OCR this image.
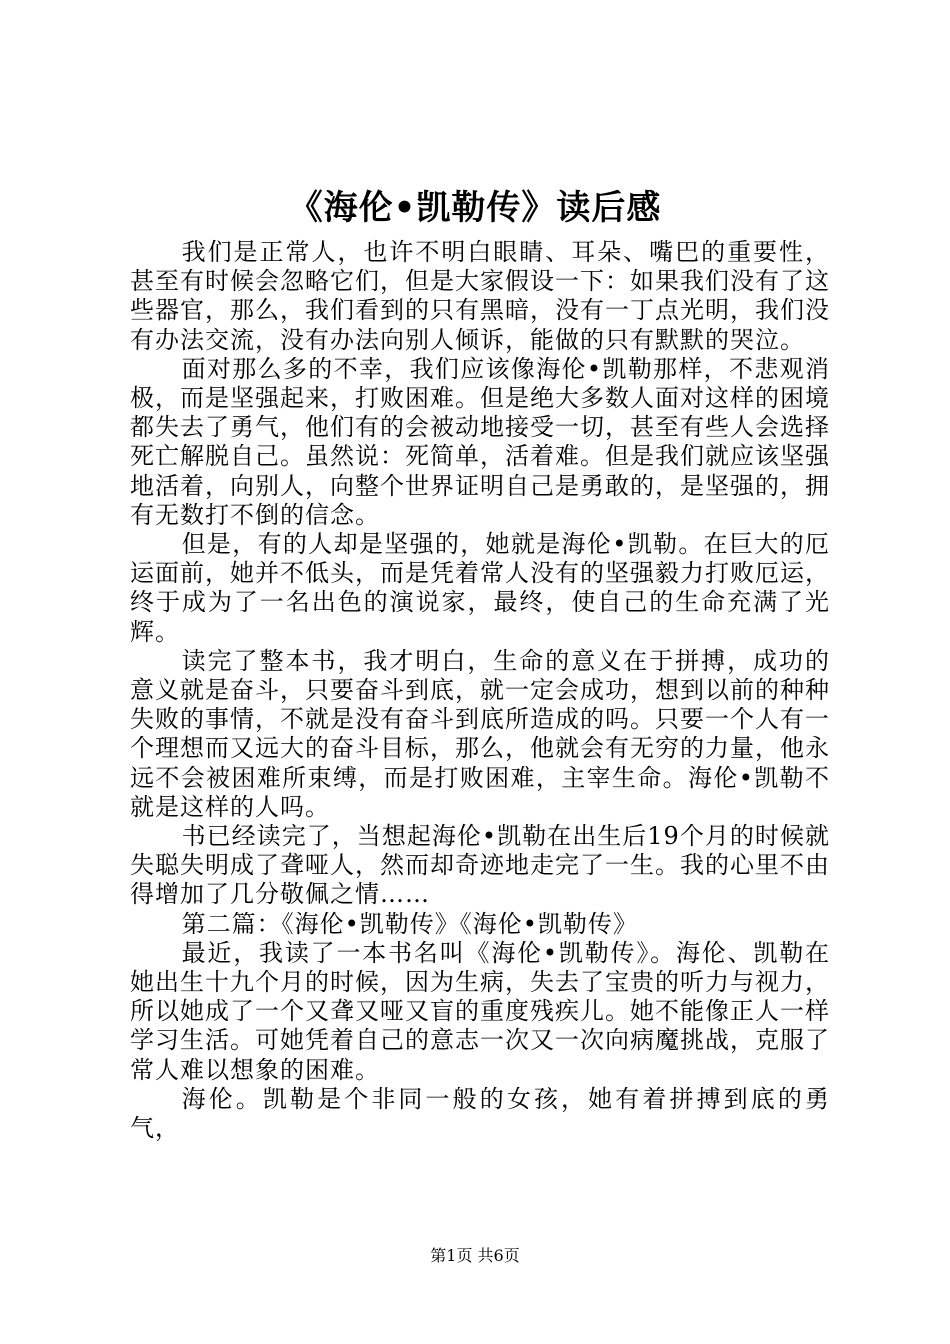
《海伦•凯勒传》读后感

我们是正常人，也许不明白眼睛、耳朵、嘴巴的重要性，甚至有时候会忽略它们，但是大家假设一下：如果我们没有了这些器官，那么，我们看到的只有黑暗，没有一丁点光明，我们没有办法交流，没有办法向别人倾诉，能做的只有默默的哭泣。

面对那么多的不幸，我们应该像海伦•凯勒那样，不悲观消极，而是坚强起来，打败困难。但是绝大多数人面对这样的困境都失去了勇气，他们有的会被动地接受一切，甚至有些人会选择死亡解脱自己。虽然说：死简单，活着难。但是我们就应该坚强地活着，向别人，向整个世界证明自己是勇敢的，是坚强的，拥有无数打不倒的信念。

但是，有的人却是坚强的，她就是海伦•凯勒。在巨大的厄运面前，她并不低头，而是凭着常人没有的坚强毅力打败厄运，终于成为了一名出色的演说家，最终，使自己的生命充满了光辉。

读完了整本书，我才明白，生命的意义在于拼搏，成功的意义就是奋斗，只要奋斗到底，就一定会成功，想到以前的种种失败的事情，不就是没有奋斗到底所造成的吗。只要一个人有一个理想而又远大的奋斗目标，那么，他就会有无穷的力量，他永远不会被困难所束缚，而是打败困难，主宰生命。海伦•凯勒不就是这样的人吗。

书已经读完了，当想起海伦•凯勒在出生后19个月的时候就失聪失明成了聋哑人，然而却奇迹地走完了一生。我的心里不由得增加了几分敬佩之情……

第二篇：《海伦•凯勒传》《海伦•凯勒传》

最近，我读了一本书名叫《海伦•凯勒传》。海伦、凯勒在她出生十九个月的时候，因为生病，失去了宝贵的听力与视力，所以她成了一个又聋又哑又盲的重度残疾儿。她不能像正人一样学习生活。可她凭着自己的意志一次又一次向病魔挑战，克服了常人难以想象的困难。

海伦。凯勒是个非同一般的女孩，她有着拼搏到底的勇气，

第1页 共6页
